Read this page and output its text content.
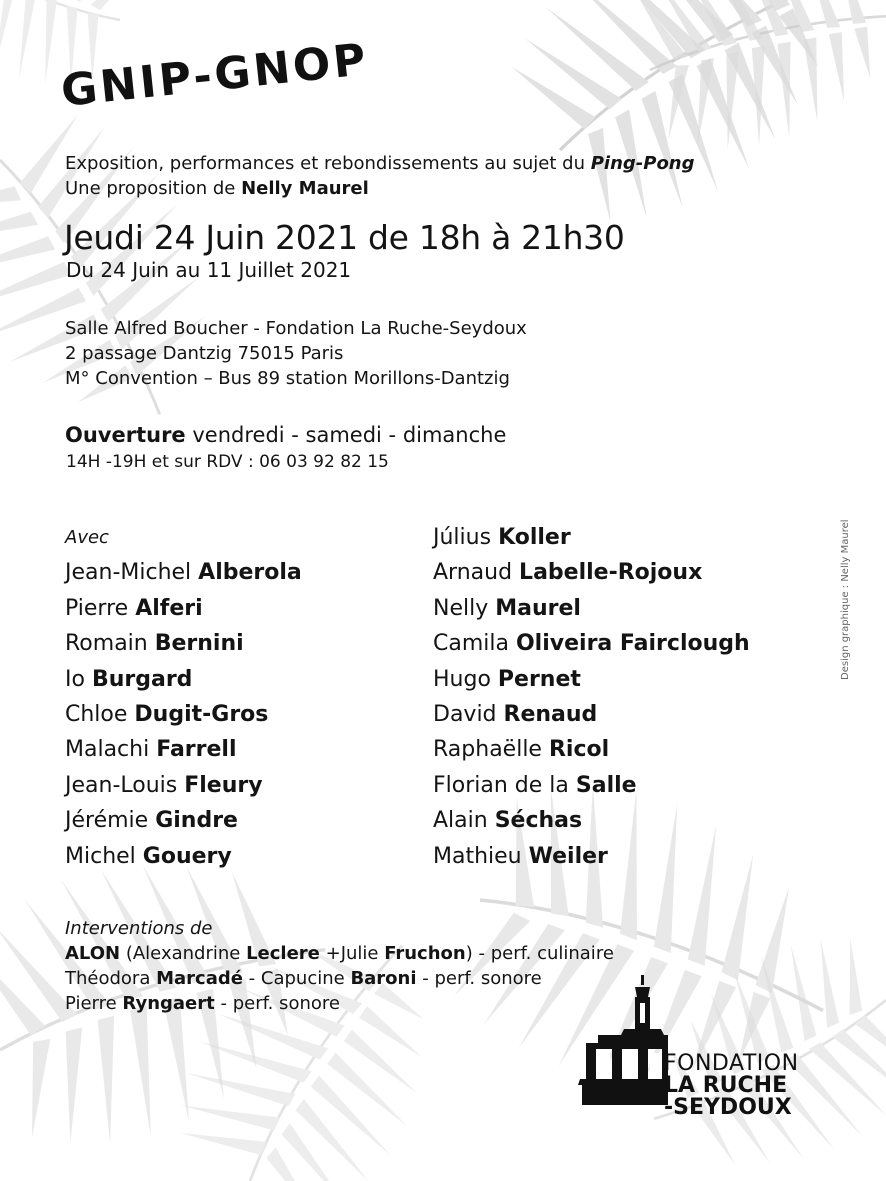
GNIP-GNOP
Exposition, performances et rebondissements au sujet du Ping-Pong
Une proposition de Nelly Maurel
Jeudi 24 Juin 2021 de 18h à 21h30
Du 24 Juin au 11 Juillet 2021
Salle Alfred Boucher - Fondation La Ruche-Seydoux
2 passage Dantzig 75015 Paris
M° Convention – Bus 89 station Morillons-Dantzig
Ouverture vendredi - samedi - dimanche
14H -19H et sur RDV : 06 03 92 82 15
Avec
Jean-Michel Alberola
Pierre Alferi
Romain Bernini
Io Burgard
Chloe Dugit-Gros
Malachi Farrell
Jean-Louis Fleury
Jérémie Gindre
Michel Gouery
Július Koller
Arnaud Labelle-Rojoux
Nelly Maurel
Camila Oliveira Fairclough
Hugo Pernet
David Renaud
Raphaëlle Ricol
Florian de la Salle
Alain Séchas
Mathieu Weiler
Interventions de
ALON (Alexandrine Leclere +Julie Fruchon) - perf. culinaire
Théodora Marcadé - Capucine Baroni - perf. sonore
Pierre Ryngaert - perf. sonore
Design graphique : Nelly Maurel
FONDATION
LA RUCHE
-SEYDOUX
